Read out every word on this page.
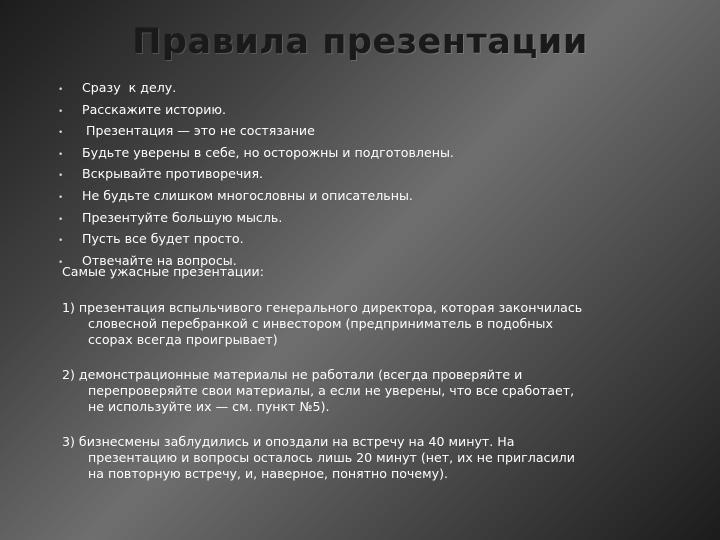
Правила презентации
•	Сразу  к делу.
•	Расскажите историю.
•	Презентация — это не состязание
•	Будьте уверены в себе, но осторожны и подготовлены.
•	Вскрывайте противоречия.
•	Не будьте слишком многословны и описательны.
•	Презентуйте большую мысль.
•	Пусть все будет просто.
•	Отвечайте на вопросы.

Самые ужасные презентации:

1) презентация вспыльчивого генерального директора, которая закончилась
словесной перебранкой с инвестором (предприниматель в подобных
ссорах всегда проигрывает)
2) демонстрационные материалы не работали (всегда проверяйте и
перепроверяйте свои материалы, а если не уверены, что все сработает,
не используйте их — см. пункт №5).
3) бизнесмены заблудились и опоздали на встречу на 40 минут. На
презентацию и вопросы осталось лишь 20 минут (нет, их не пригласили
на повторную встречу, и, наверное, понятно почему).
